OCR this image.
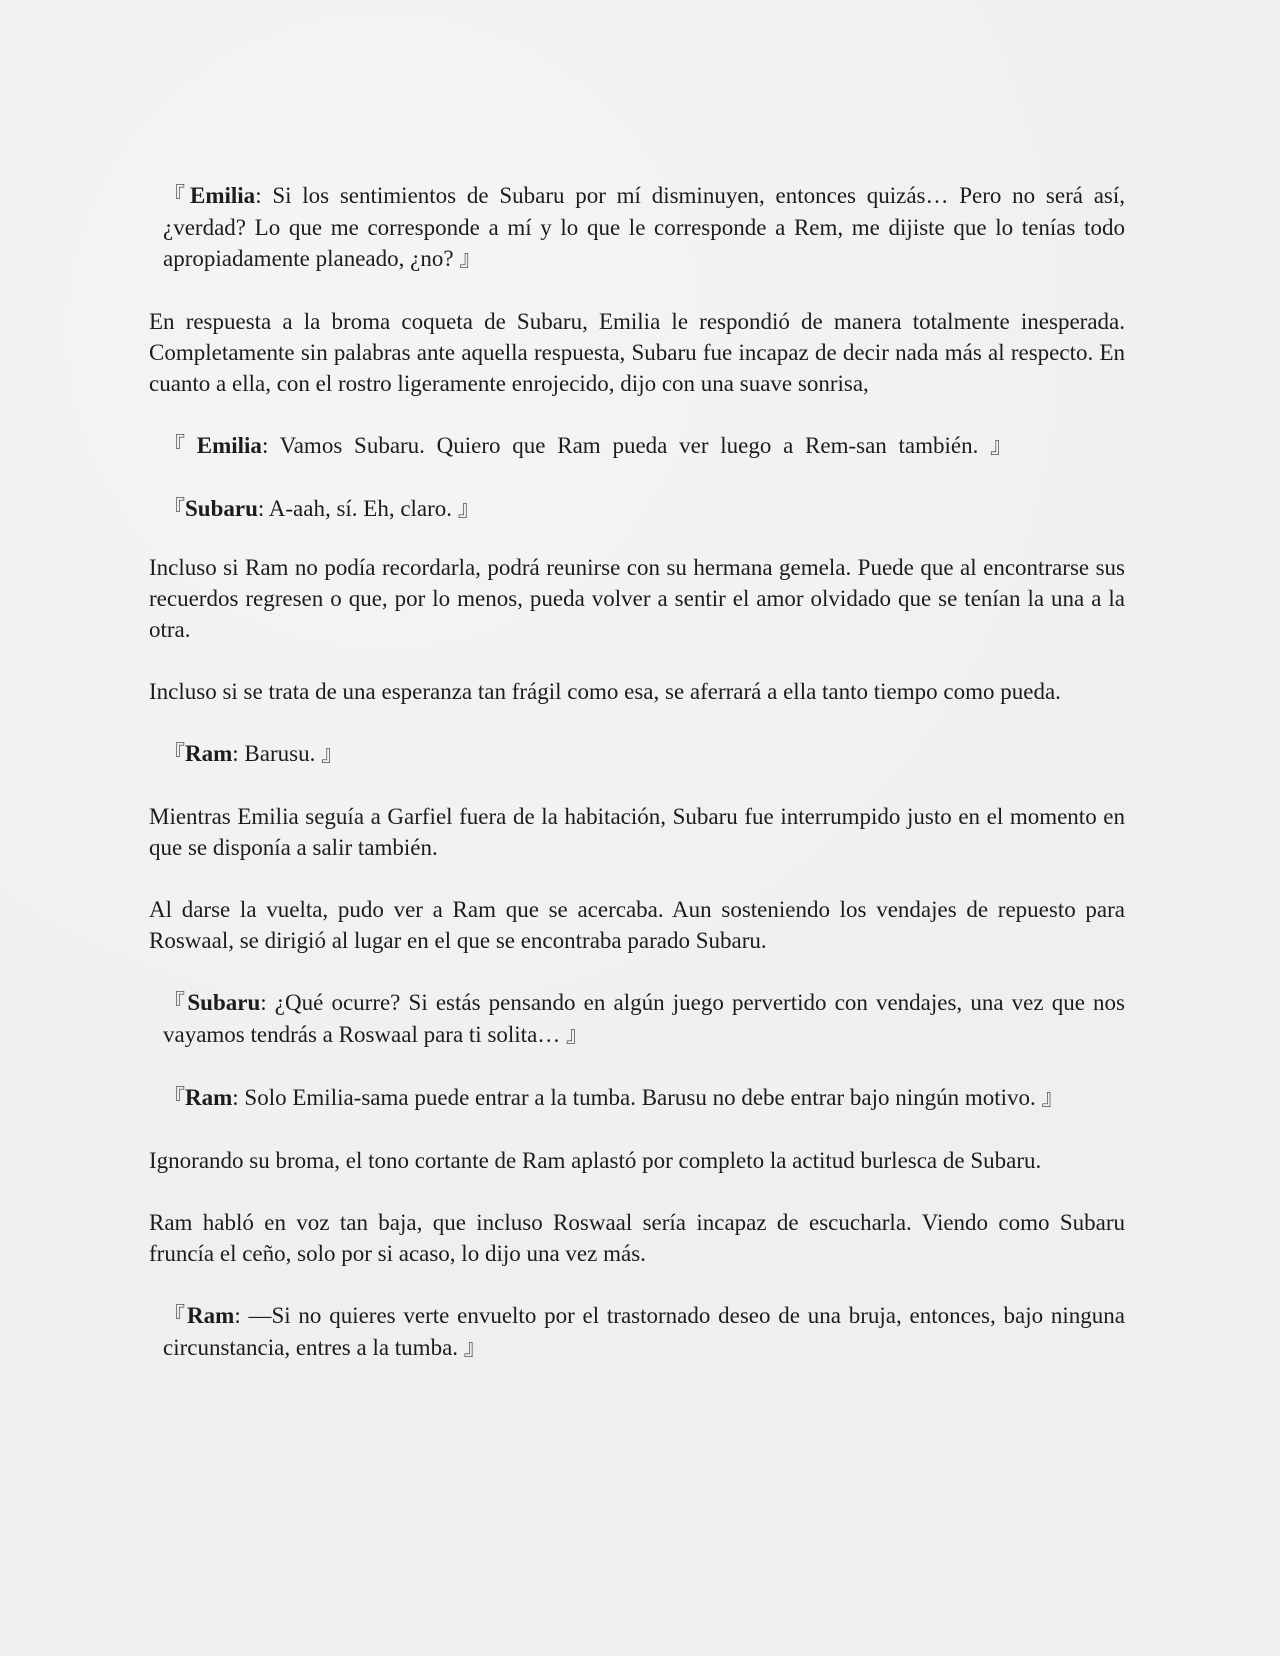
『Emilia: Si los sentimientos de Subaru por mí disminuyen, entonces quizás… Pero no será así, ¿verdad? Lo que me corresponde a mí y lo que le corresponde a Rem, me dijiste que lo tenías todo apropiadamente planeado, ¿no? 』

En respuesta a la broma coqueta de Subaru, Emilia le respondió de manera totalmente inesperada. Completamente sin palabras ante aquella respuesta, Subaru fue incapaz de decir nada más al respecto. En cuanto a ella, con el rostro ligeramente enrojecido, dijo con una suave sonrisa,

『 Emilia: Vamos Subaru. Quiero que Ram pueda ver luego a Rem-san también. 』

『Subaru: A-aah, sí. Eh, claro. 』

Incluso si Ram no podía recordarla, podrá reunirse con su hermana gemela. Puede que al encontrarse sus recuerdos regresen o que, por lo menos, pueda volver a sentir el amor olvidado que se tenían la una a la otra.

Incluso si se trata de una esperanza tan frágil como esa, se aferrará a ella tanto tiempo como pueda.

『Ram: Barusu. 』

Mientras Emilia seguía a Garfiel fuera de la habitación, Subaru fue interrumpido justo en el momento en que se disponía a salir también.

Al darse la vuelta, pudo ver a Ram que se acercaba. Aun sosteniendo los vendajes de repuesto para Roswaal, se dirigió al lugar en el que se encontraba parado Subaru.

『Subaru: ¿Qué ocurre? Si estás pensando en algún juego pervertido con vendajes, una vez que nos vayamos tendrás a Roswaal para ti solita… 』

『Ram: Solo Emilia-sama puede entrar a la tumba. Barusu no debe entrar bajo ningún motivo. 』

Ignorando su broma, el tono cortante de Ram aplastó por completo la actitud burlesca de Subaru.

Ram habló en voz tan baja, que incluso Roswaal sería incapaz de escucharla. Viendo como Subaru fruncía el ceño, solo por si acaso, lo dijo una vez más.

『Ram: —Si no quieres verte envuelto por el trastornado deseo de una bruja, entonces, bajo ninguna circunstancia, entres a la tumba. 』
